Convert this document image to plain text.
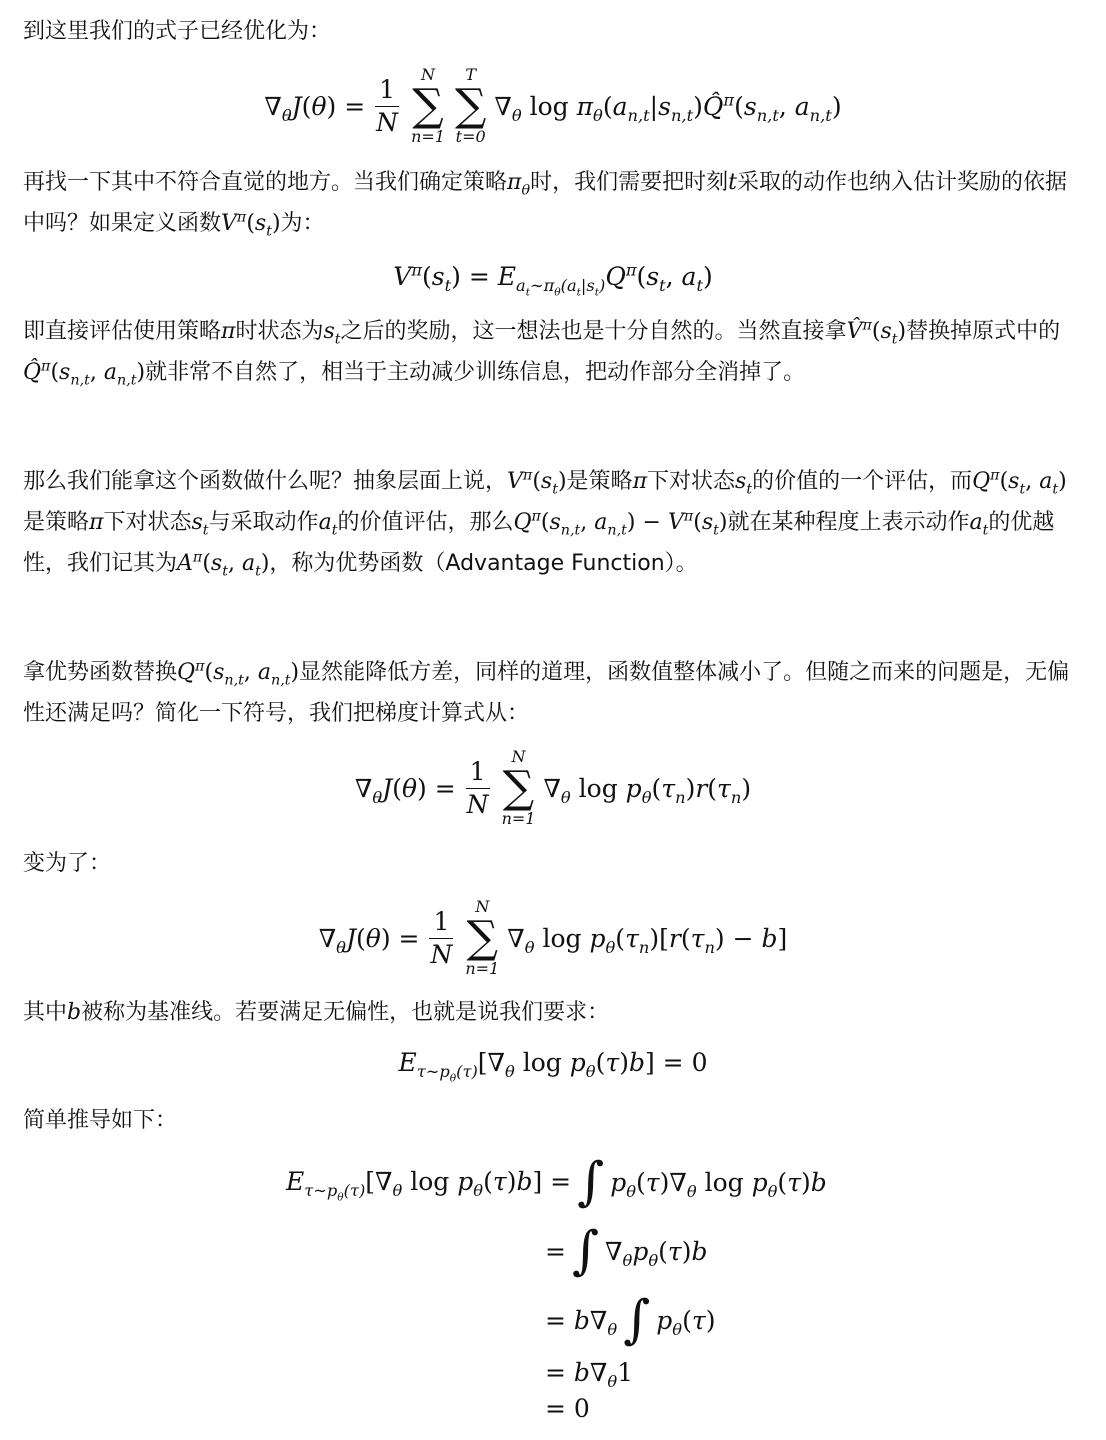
到这里我们的式子已经优化为：
$\nabla_\theta J(\theta) = \frac{1}{N}$
N
∑
n=1
T
∑
t=0
$\nabla_\theta$ $\log \pi_\theta(a_{n,t}|s_{n,t})Q̂^\pi(s_{n,t}$, $a_{n,t}$)
再找一下其中不符合直觉的地方。当我们确定策略$\pi_\theta$时，我们需要把时刻t采取的动作也纳入估计奖励的依据中吗？如果定义函数$V^\pi(s_t)$为：
$V^\pi(s_t) = E_{a_t\sim\pi_\theta(a_t|s_t)}Q^\pi(s_t$, $a_t$)
即直接评估使用策略π时状态为$s_t$之后的奖励，这一想法也是十分自然的。当然直接拿$V̂^\pi(s_t)$替换掉原式中的$Q̂^\pi(s_{n,t}$, $a_{n,t}$)就非常不自然了，相当于主动减少训练信息，把动作部分全消掉了。
那么我们能拿这个函数做什么呢？抽象层面上说，$V^\pi(s_t)$是策略π下对状态$s_t$的价值的一个评估，而$Q^\pi(s_t$, $a_t$)是策略π下对状态$s_t$与采取动作$a_t$的价值评估，那么$Q^\pi(s_{n,t}$, $a_{n,t}) - V^\pi(s_t)$就在某种程度上表示动作$a_t$的优越性，我们记其为$A^\pi(s_t$, $a_t$)，称为优势函数（Advantage Function）。
拿优势函数替换$Q^\pi(s_{n,t}$, $a_{n,t}$)显然能降低方差，同样的道理，函数值整体减小了。但随之而来的问题是，无偏性还满足吗？简化一下符号，我们把梯度计算式从：
$\nabla_\theta J(\theta) = \frac{1}{N}$
N
∑
n=1
$\nabla_\theta$ $\log p_\theta(\tau_n)r(\tau_n)$
变为了：
$\nabla_\theta J(\theta) = \frac{1}{N}$
N
∑
n=1
$\nabla_\theta$ $\log p_\theta(\tau_n)[r(\tau_n) - b]$
其中b被称为基准线。若要满足无偏性，也就是说我们要求：
$E_{\tau\sim p_\theta(\tau)}[\nabla_\theta$ $\log p_\theta(\tau)b] = 0$
简单推导如下：
$E_{\tau\sim p_\theta(\tau)}[\nabla_\theta$ $\log p_\theta(\tau)b$] = ∫ $p_\theta(\tau)\nabla_\theta$ $\log p_\theta(\tau)b$
= ∫ $\nabla_\theta p_\theta(\tau)b$
= $b\nabla_\theta$ ∫ $p_\theta(\tau)$
= $b\nabla_\theta 1$
= 0
